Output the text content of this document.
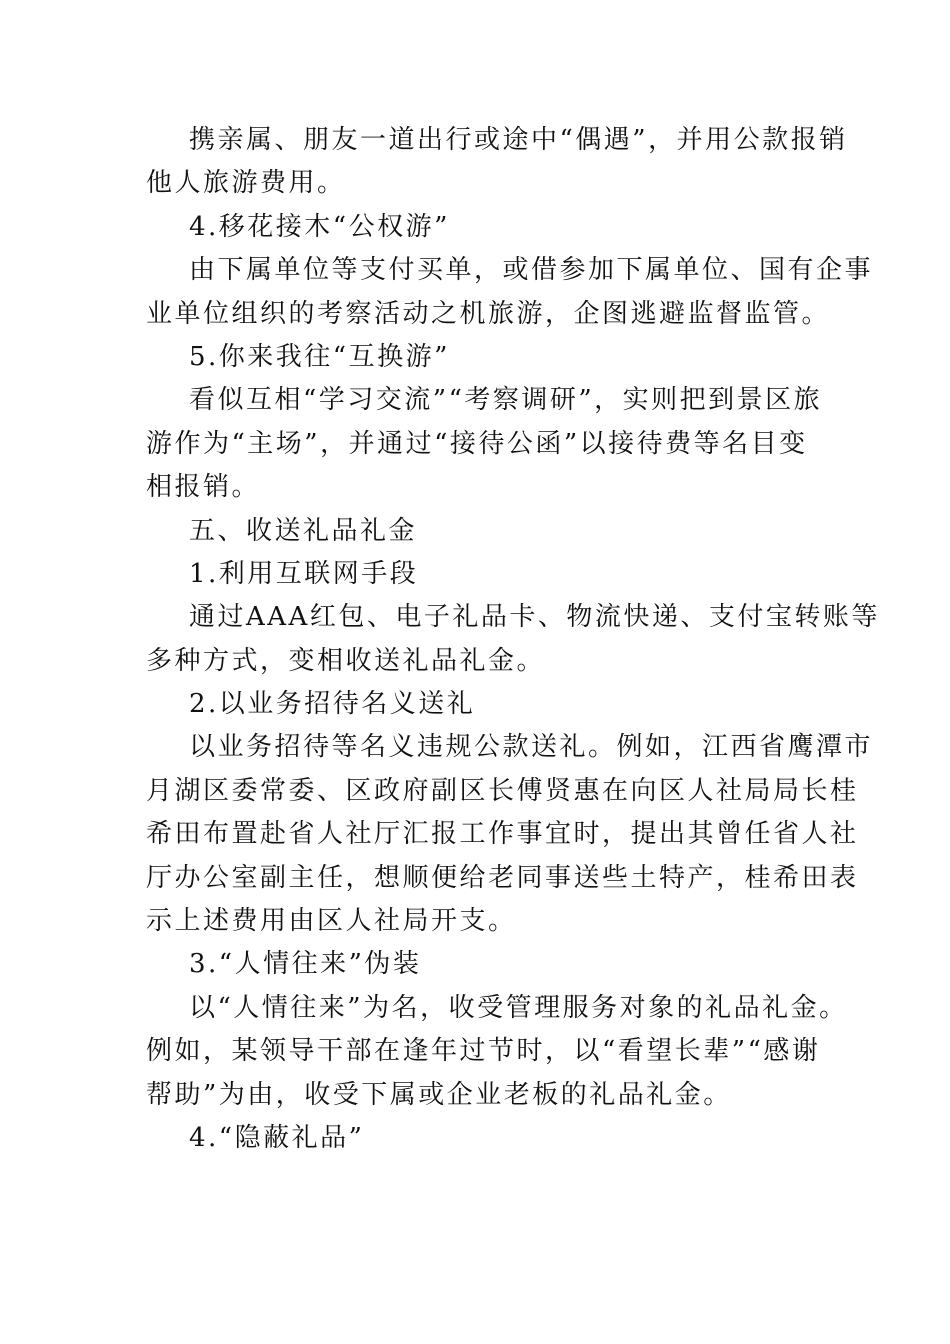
携亲属、朋友一道出行或途中“偶遇”，并用公款报销
他人旅游费用。
4.移花接木“公权游”
由下属单位等支付买单，或借参加下属单位、国有企事
业单位组织的考察活动之机旅游，企图逃避监督监管。
5.你来我往“互换游”
看似互相“学习交流”“考察调研”，实则把到景区旅
游作为“主场”，并通过“接待公函”以接待费等名目变
相报销。
五、收送礼品礼金
1.利用互联网手段
通过AAA红包、电子礼品卡、物流快递、支付宝转账等
多种方式，变相收送礼品礼金。
2.以业务招待名义送礼
以业务招待等名义违规公款送礼。例如，江西省鹰潭市
月湖区委常委、区政府副区长傅贤惠在向区人社局局长桂
希田布置赴省人社厅汇报工作事宜时，提出其曾任省人社
厅办公室副主任，想顺便给老同事送些土特产，桂希田表
示上述费用由区人社局开支。
3.“人情往来”伪装
以“人情往来”为名，收受管理服务对象的礼品礼金。
例如，某领导干部在逢年过节时，以“看望长辈”“感谢
帮助”为由，收受下属或企业老板的礼品礼金。
4.“隐蔽礼品”
